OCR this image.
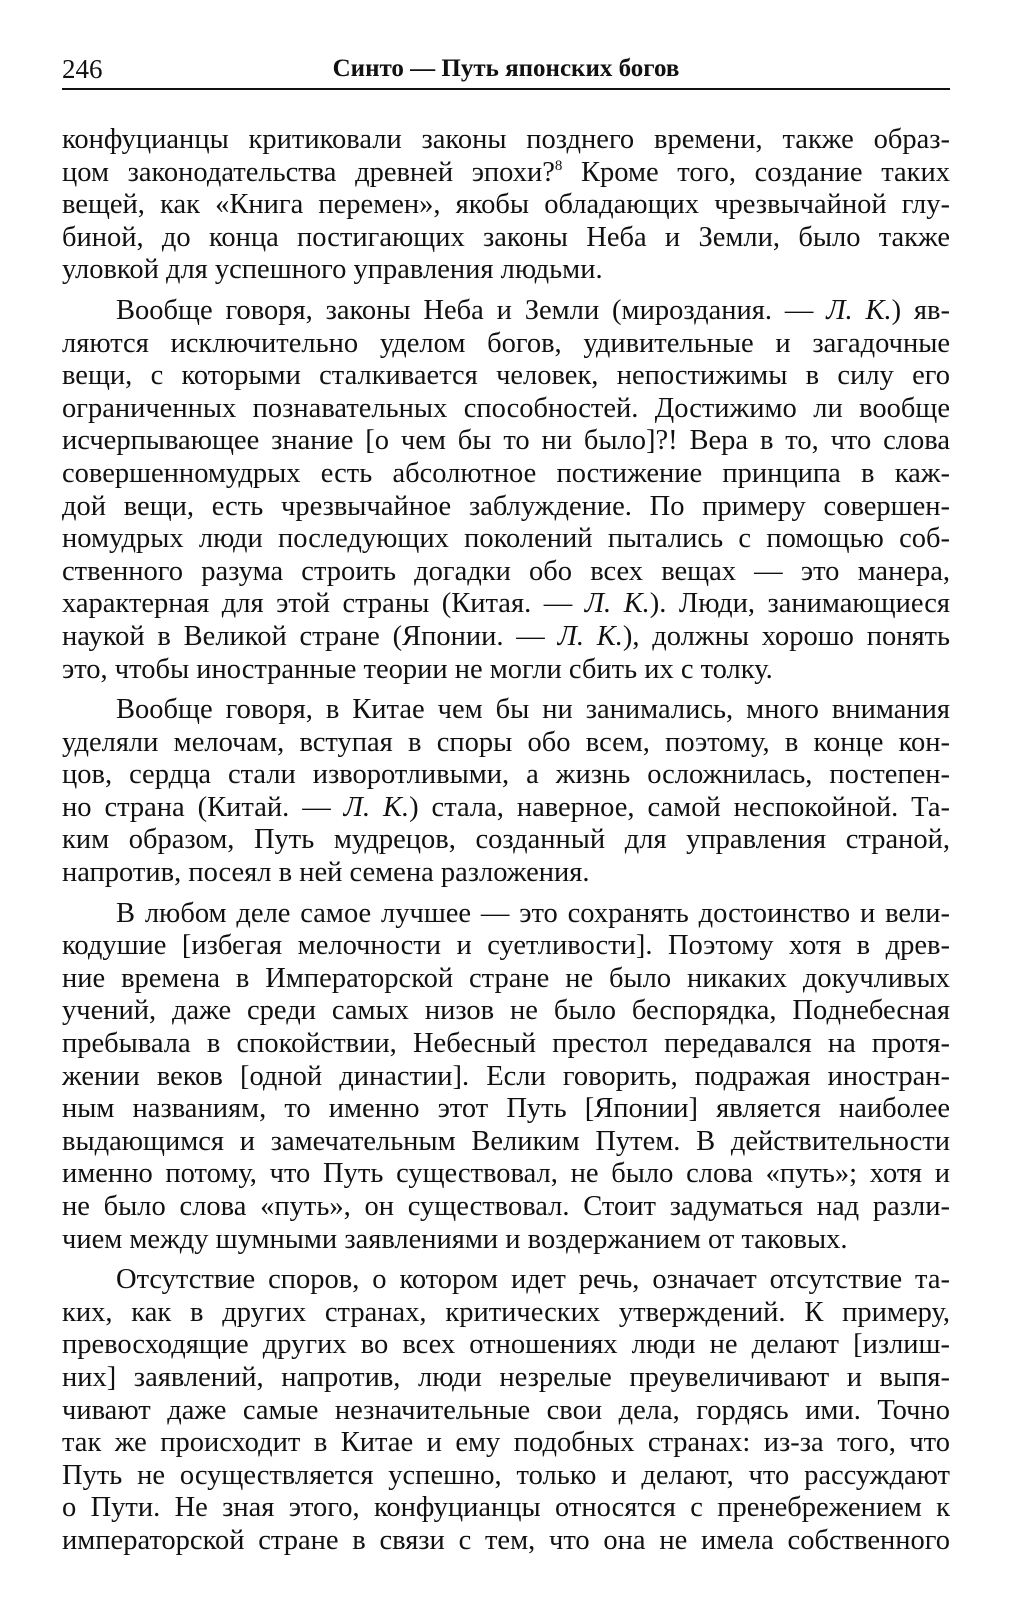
246	Синто — Путь японских богов
конфуцианцы критиковали законы позднего времени, также образ-
цом законодательства древней эпохи?$^8$ Кроме того, создание таких
вещей, как «Книга перемен», якобы обладающих чрезвычайной глу-
биной, до конца постигающих законы Неба и Земли, было также
уловкой для успешного управления людьми.
Вообще говоря, законы Неба и Земли (мироздания. — Л. К.) яв-
ляются исключительно уделом богов, удивительные и загадочные
вещи, с которыми сталкивается человек, непостижимы в силу его
ограниченных познавательных способностей. Достижимо ли вообще
исчерпывающее знание [о чем бы то ни было]?! Вера в то, что слова
совершенномудрых есть абсолютное постижение принципа в каж-
дой вещи, есть чрезвычайное заблуждение. По примеру совершен-
номудрых люди последующих поколений пытались с помощью соб-
ственного разума строить догадки обо всех вещах — это манера,
характерная для этой страны (Китая. — Л. К.). Люди, занимающиеся
наукой в Великой стране (Японии. — Л. К.), должны хорошо понять
это, чтобы иностранные теории не могли сбить их с толку.
Вообще говоря, в Китае чем бы ни занимались, много внимания
уделяли мелочам, вступая в споры обо всем, поэтому, в конце кон-
цов, сердца стали изворотливыми, а жизнь осложнилась, постепен-
но страна (Китай. — Л. К.) стала, наверное, самой неспокойной. Та-
ким образом, Путь мудрецов, созданный для управления страной,
напротив, посеял в ней семена разложения.
В любом деле самое лучшее — это сохранять достоинство и вели-
кодушие [избегая мелочности и суетливости]. Поэтому хотя в древ-
ние времена в Императорской стране не было никаких докучливых
учений, даже среди самых низов не было беспорядка, Поднебесная
пребывала в спокойствии, Небесный престол передавался на протя-
жении веков [одной династии]. Если говорить, подражая иностран-
ным названиям, то именно этот Путь [Японии] является наиболее
выдающимся и замечательным Великим Путем. В действительности
именно потому, что Путь существовал, не было слова «путь»; хотя и
не было слова «путь», он существовал. Стоит задуматься над разли-
чием между шумными заявлениями и воздержанием от таковых.
Отсутствие споров, о котором идет речь, означает отсутствие та-
ких, как в других странах, критических утверждений. К примеру,
превосходящие других во всех отношениях люди не делают [излиш-
них] заявлений, напротив, люди незрелые преувеличивают и выпя-
чивают даже самые незначительные свои дела, гордясь ими. Точно
так же происходит в Китае и ему подобных странах: из-за того, что
Путь не осуществляется успешно, только и делают, что рассуждают
о Пути. Не зная этого, конфуцианцы относятся с пренебрежением к
императорской стране в связи с тем, что она не имела собственного
